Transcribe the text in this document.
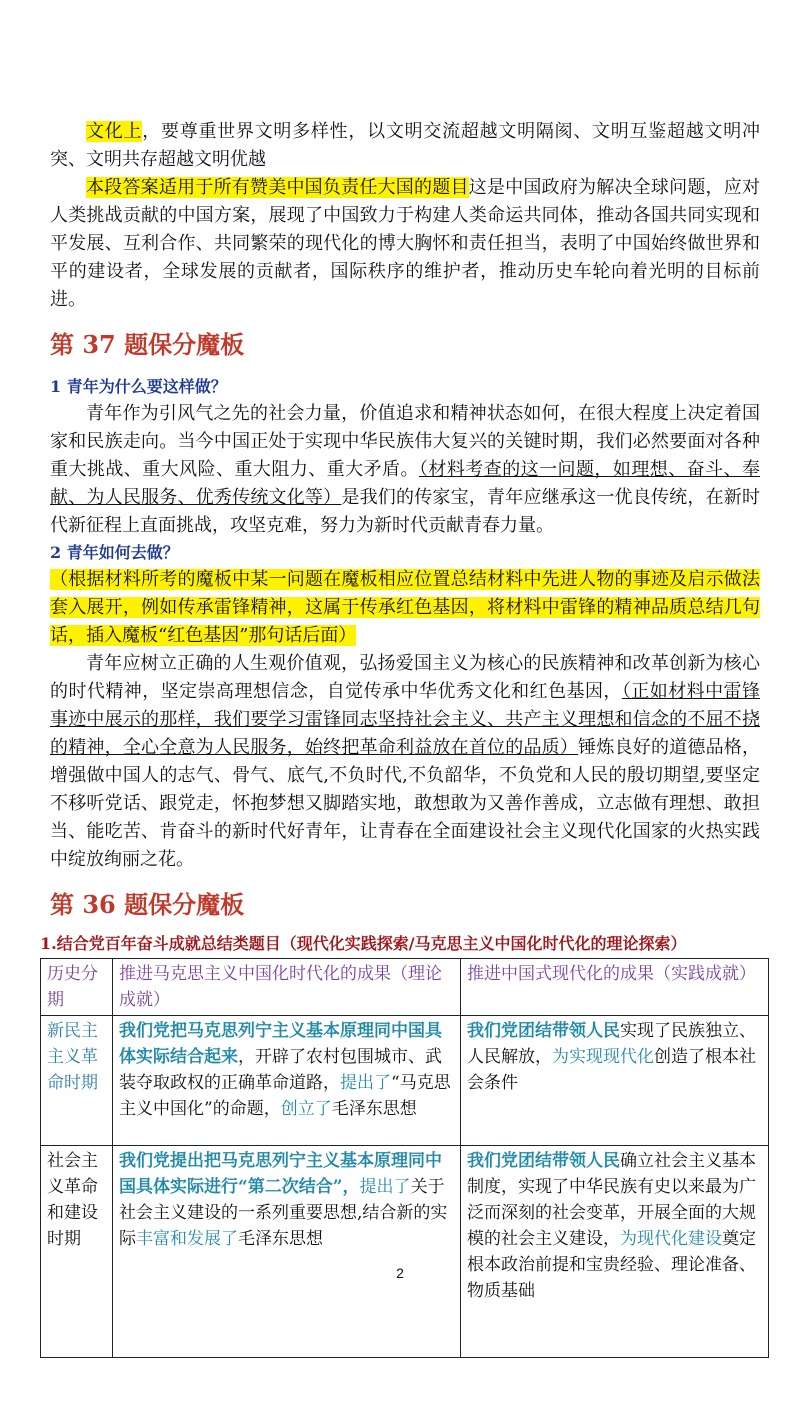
文化上，要尊重世界文明多样性，以文明交流超越文明隔阂、文明互鉴超越文明冲突、文明共存超越文明优越

本段答案适用于所有赞美中国负责任大国的题目这是中国政府为解决全球问题，应对人类挑战贡献的中国方案，展现了中国致力于构建人类命运共同体，推动各国共同实现和平发展、互利合作、共同繁荣的现代化的博大胸怀和责任担当，表明了中国始终做世界和平的建设者，全球发展的贡献者，国际秩序的维护者，推动历史车轮向着光明的目标前进。

第 37 题保分魔板

1 青年为什么要这样做？

青年作为引风气之先的社会力量，价值追求和精神状态如何，在很大程度上决定着国家和民族走向。当今中国正处于实现中华民族伟大复兴的关键时期，我们必然要面对各种重大挑战、重大风险、重大阻力、重大矛盾。（材料考查的这一问题，如理想、奋斗、奉献、为人民服务、优秀传统文化等）是我们的传家宝，青年应继承这一优良传统，在新时代新征程上直面挑战，攻坚克难，努力为新时代贡献青春力量。

2 青年如何去做？

（根据材料所考的魔板中某一问题在魔板相应位置总结材料中先进人物的事迹及启示做法套入展开，例如传承雷锋精神，这属于传承红色基因，将材料中雷锋的精神品质总结几句话，插入魔板“红色基因”那句话后面）

青年应树立正确的人生观价值观，弘扬爱国主义为核心的民族精神和改革创新为核心的时代精神，坚定崇高理想信念，自觉传承中华优秀文化和红色基因，（正如材料中雷锋事迹中展示的那样，我们要学习雷锋同志坚持社会主义、共产主义理想和信念的不屈不挠的精神，全心全意为人民服务，始终把革命利益放在首位的品质）锤炼良好的道德品格，增强做中国人的志气、骨气、底气,不负时代,不负韶华，不负党和人民的殷切期望,要坚定不移听党话、跟党走，怀抱梦想又脚踏实地，敢想敢为又善作善成，立志做有理想、敢担当、能吃苦、肯奋斗的新时代好青年，让青春在全面建设社会主义现代化国家的火热实践中绽放绚丽之花。

第 36 题保分魔板

1.结合党百年奋斗成就总结类题目（现代化实践探索/马克思主义中国化时代化的理论探索）

历史分期	推进马克思主义中国化时代化的成果（理论成就）	推进中国式现代化的成果（实践成就）
新民主主义革命时期	我们党把马克思列宁主义基本原理同中国具体实际结合起来，开辟了农村包围城市、武装夺取政权的正确革命道路，提出了“马克思主义中国化”的命题，创立了毛泽东思想	我们党团结带领人民实现了民族独立、人民解放，为实现现代化创造了根本社会条件
社会主义革命和建设时期	我们党提出把马克思列宁主义基本原理同中国具体实际进行“第二次结合”，提出了关于社会主义建设的一系列重要思想,结合新的实际丰富和发展了毛泽东思想	我们党团结带领人民确立社会主义基本制度，实现了中华民族有史以来最为广泛而深刻的社会变革，开展全面的大规模的社会主义建设，为现代化建设奠定根本政治前提和宝贵经验、理论准备、物质基础
2
